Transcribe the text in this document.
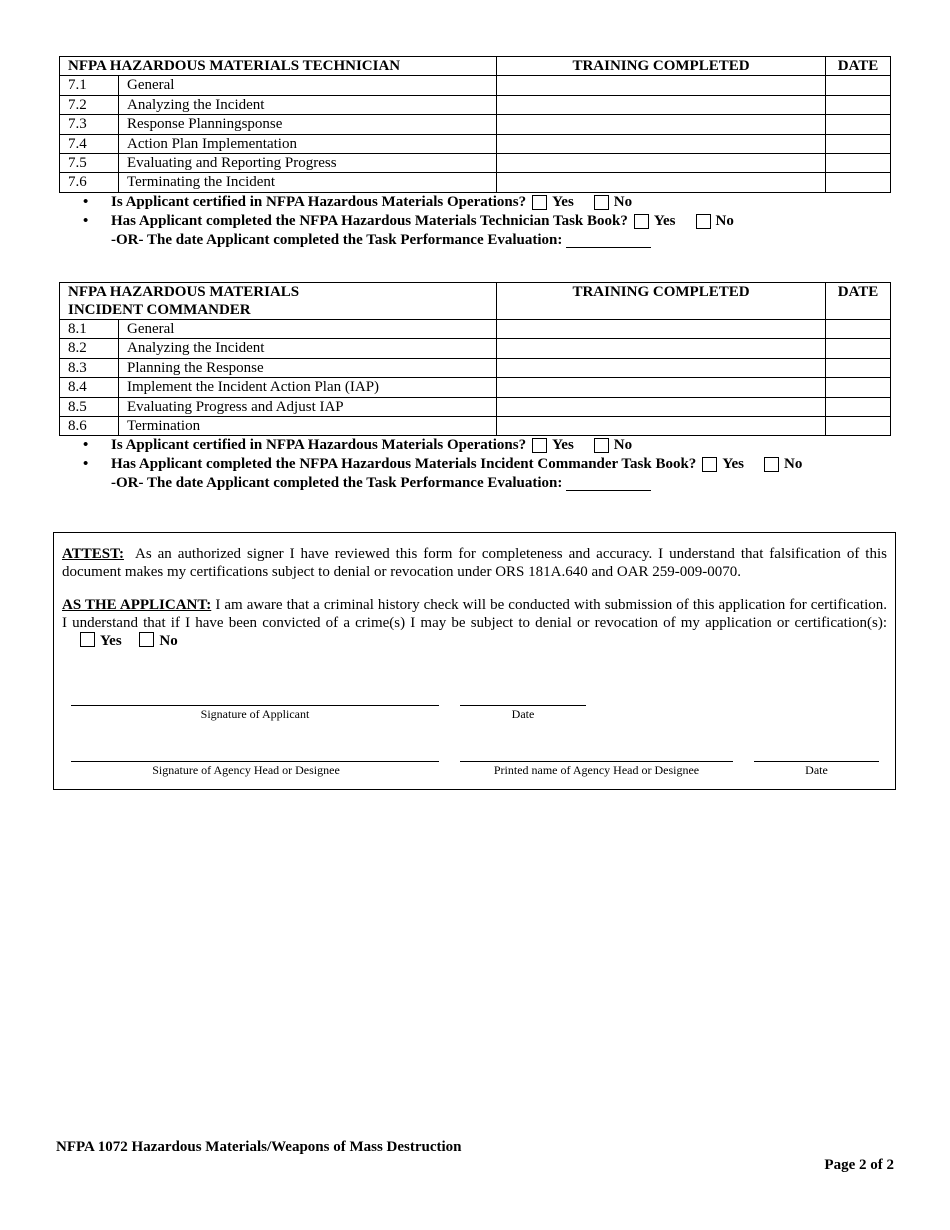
NFPA HAZARDOUS MATERIALS TECHNICIAN		TRAINING COMPLETED	DATE
7.1	General		
7.2	Analyzing the Incident		
7.3	Response Planningsponse		
7.4	Action Plan Implementation		
7.5	Evaluating and Reporting Progress		
7.6	Terminating the Incident		
•	Is Applicant certified in NFPA Hazardous Materials Operations? Yes	No
•	Has Applicant completed the NFPA Hazardous Materials Technician Task Book? Yes	No
-OR- The date Applicant completed the Task Performance Evaluation:
NFPA HAZARDOUS MATERIALS
INCIDENT COMMANDER		TRAINING COMPLETED	DATE
8.1	General		
8.2	Analyzing the Incident		
8.3	Planning the Response		
8.4	Implement the Incident Action Plan (IAP)		
8.5	Evaluating Progress and Adjust IAP		
8.6	Termination		
•	Is Applicant certified in NFPA Hazardous Materials Operations? Yes	No
•	Has Applicant completed the NFPA Hazardous Materials Incident Commander Task Book? Yes	No
-OR- The date Applicant completed the Task Performance Evaluation:
ATTEST: As an authorized signer I have reviewed this form for completeness and accuracy. I understand that falsification of this document makes my certifications subject to denial or revocation under ORS 181A.640 and OAR 259-009-0070.
AS THE APPLICANT: I am aware that a criminal history check will be conducted with submission of this application for certification. I understand that if I have been convicted of a crime(s) I may be subject to denial or revocation of my application or certification(s): Yes	No
Signature of Applicant	Date
Signature of Agency Head or Designee	Printed name of Agency Head or Designee	Date
NFPA 1072 Hazardous Materials/Weapons of Mass Destruction
Page 2 of 2
